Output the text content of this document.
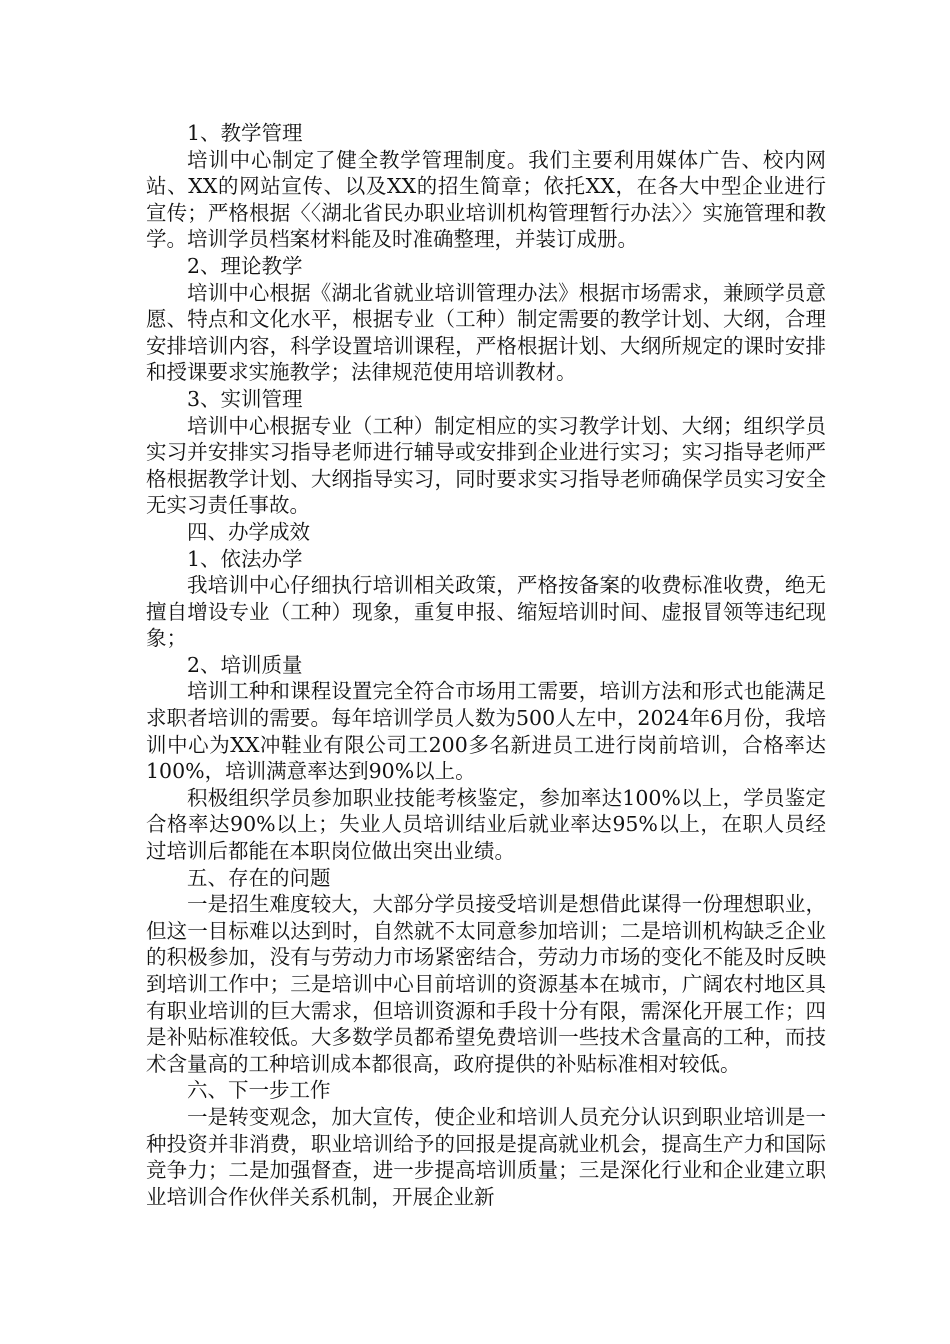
1、教学管理

培训中心制定了健全教学管理制度。我们主要利用媒体广告、校内网站、XX的网站宣传、以及XX的招生简章；依托XX，在各大中型企业进行宣传；严格根据〈〈湖北省民办职业培训机构管理暂行办法〉〉实施管理和教学。培训学员档案材料能及时准确整理，并装订成册。

2、理论教学

培训中心根据《湖北省就业培训管理办法》根据市场需求，兼顾学员意愿、特点和文化水平，根据专业（工种）制定需要的教学计划、大纲，合理安排培训内容，科学设置培训课程，严格根据计划、大纲所规定的课时安排和授课要求实施教学；法律规范使用培训教材。

3、实训管理

培训中心根据专业（工种）制定相应的实习教学计划、大纲；组织学员实习并安排实习指导老师进行辅导或安排到企业进行实习；实习指导老师严格根据教学计划、大纲指导实习，同时要求实习指导老师确保学员实习安全无实习责任事故。

四、办学成效

1、依法办学

我培训中心仔细执行培训相关政策，严格按备案的收费标准收费，绝无擅自增设专业（工种）现象，重复申报、缩短培训时间、虚报冒领等违纪现象；

2、培训质量

培训工种和课程设置完全符合市场用工需要，培训方法和形式也能满足求职者培训的需要。每年培训学员人数为500人左中，2024年6月份，我培训中心为XX冲鞋业有限公司工200多名新进员工进行岗前培训，合格率达100%，培训满意率达到90%以上。

积极组织学员参加职业技能考核鉴定，参加率达100%以上，学员鉴定合格率达90%以上；失业人员培训结业后就业率达95%以上，在职人员经过培训后都能在本职岗位做出突出业绩。

五、存在的问题

一是招生难度较大，大部分学员接受培训是想借此谋得一份理想职业，但这一目标难以达到时，自然就不太同意参加培训；二是培训机构缺乏企业的积极参加，没有与劳动力市场紧密结合，劳动力市场的变化不能及时反映到培训工作中；三是培训中心目前培训的资源基本在城市，广阔农村地区具有职业培训的巨大需求，但培训资源和手段十分有限，需深化开展工作；四是补贴标准较低。大多数学员都希望免费培训一些技术含量高的工种，而技术含量高的工种培训成本都很高，政府提供的补贴标准相对较低。

六、下一步工作

一是转变观念，加大宣传，使企业和培训人员充分认识到职业培训是一种投资并非消费，职业培训给予的回报是提高就业机会，提高生产力和国际竞争力；二是加强督查，进一步提高培训质量；三是深化行业和企业建立职业培训合作伙伴关系机制，开展企业新
